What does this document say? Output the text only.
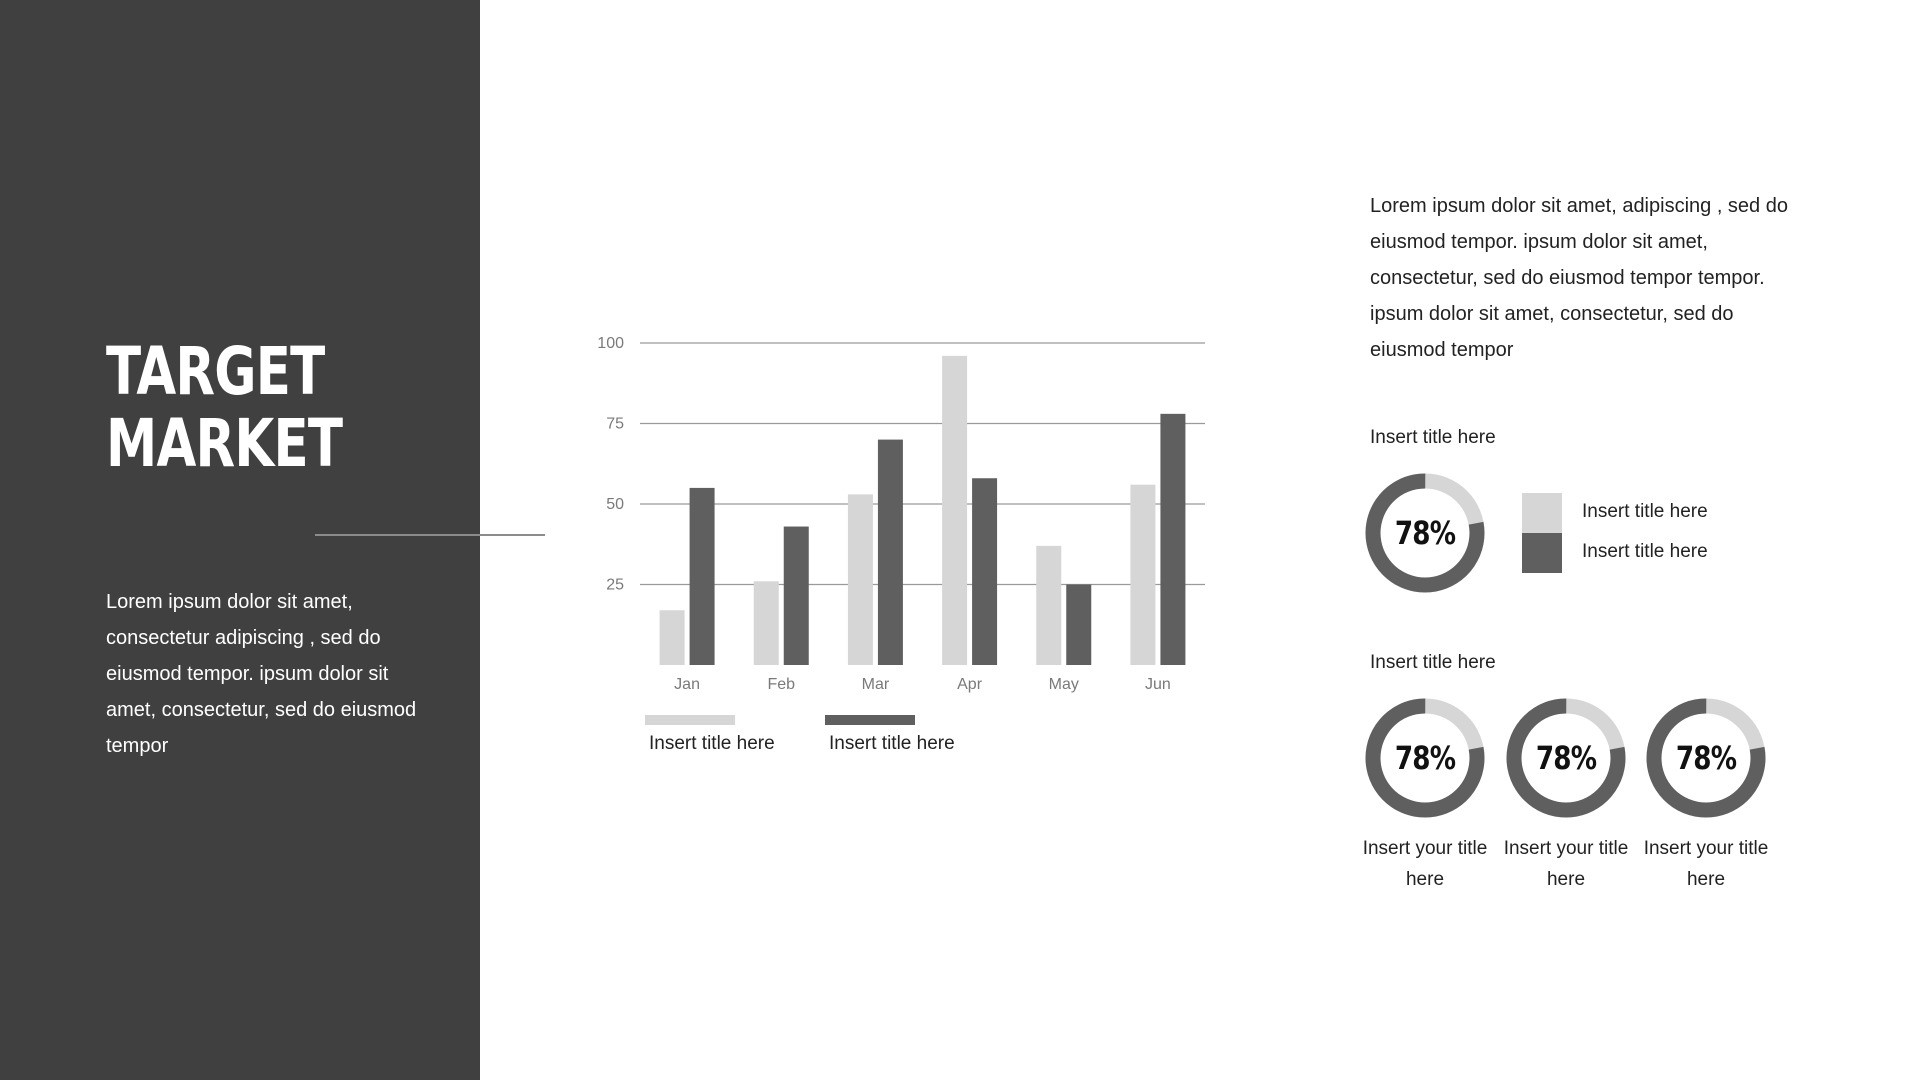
TARGET
MARKET
Lorem ipsum dolor sit amet, consectetur adipiscing , sed do eiusmod tempor. ipsum dolor sit amet, consectetur, sed do eiusmod tempor
25
50
75
100
Jan	Feb	Mar	Apr	May	Jun
Insert title here	Insert title here
Lorem ipsum dolor sit amet, adipiscing , sed do eiusmod tempor. ipsum dolor sit amet, consectetur, sed do eiusmod tempor tempor. ipsum dolor sit amet, consectetur, sed do eiusmod tempor
Insert title here
78%
Insert title here
Insert title here
Insert title here
78%	78%	78%
Insert your title here
Insert your title here
Insert your title here
